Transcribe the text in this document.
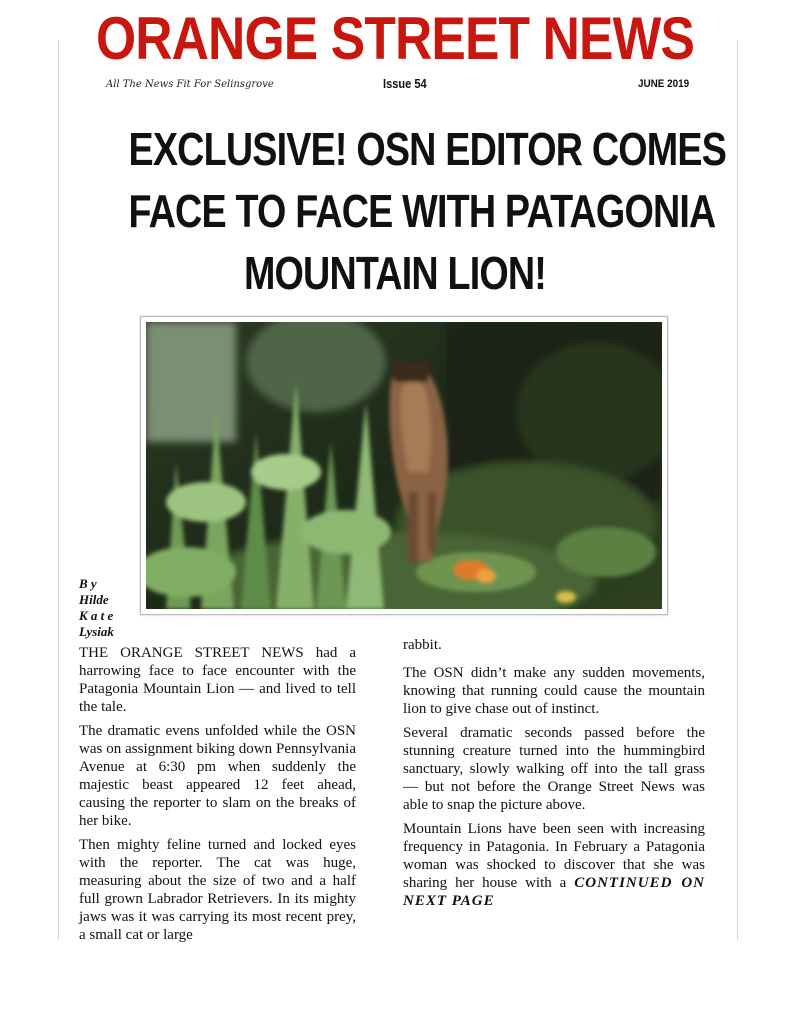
ORANGE STREET NEWS
All The News Fit For Selinsgrove	Issue 54	JUNE 2019
EXCLUSIVE! OSN EDITOR COMES
FACE TO FACE WITH PATAGONIA
MOUNTAIN LION!
B y
Hilde
K a t e
Lysiak

THE ORANGE STREET NEWS had a harrowing face to face encounter with the Patagonia Mountain Lion — and lived to tell the tale.

The dramatic evens unfolded while the OSN was on assignment biking down Pennsylvania Avenue at 6:30 pm when suddenly the majestic beast appeared 12 feet ahead, causing the reporter to slam on the breaks of her bike.

Then mighty feline turned and locked eyes with the reporter. The cat was huge, measuring about the size of two and a half full grown Labrador Retrievers. In its mighty jaws was it was carrying its most recent prey, a small cat or large

rabbit.

The OSN didn’t make any sudden movements, knowing that running could cause the mountain lion to give chase out of instinct.

Several dramatic seconds passed before the stunning creature turned into the hummingbird sanctuary, slowly walking off into the tall grass — but not before the Orange Street News was able to snap the picture above.

Mountain Lions have been seen with increasing frequency in Patagonia. In February a Patagonia woman was shocked to discover that she was sharing her house with a CONTINUED ON NEXT PAGE
